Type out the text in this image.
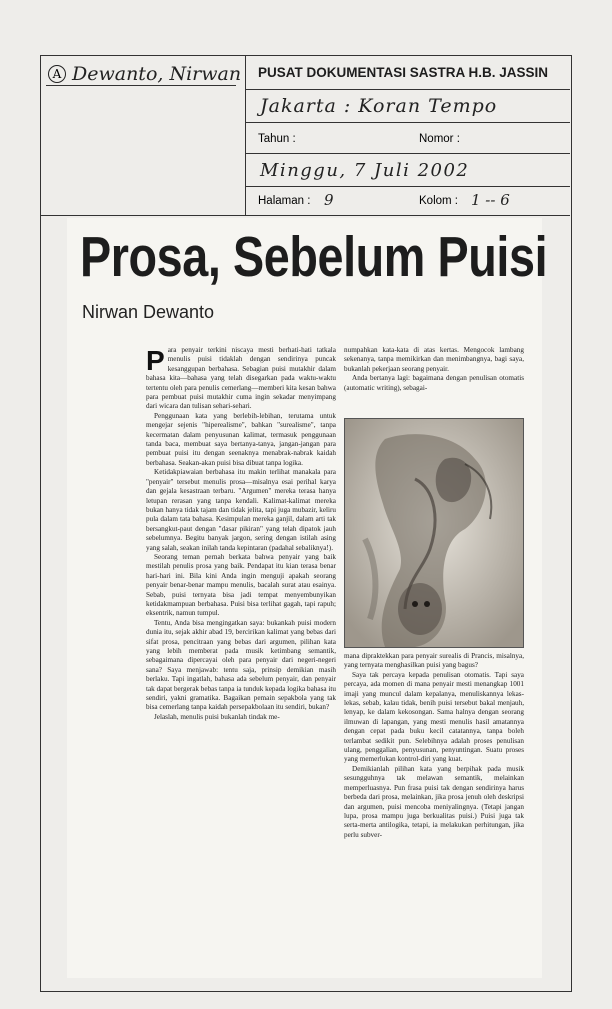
A Dewanto, Nirwan PUSAT DOKUMENTASI SASTRA H.B. JASSIN
Jakarta : Koran Tempo
Tahun :	Nomor :
Minggu, 7 Juli 2002
Halaman : 9	Kolom : 1 -- 6
Prosa, Sebelum Puisi
Nirwan Dewanto
P ara penyair terkini niscaya mesti berhati-hati tatkala menulis puisi tidaklah dengan sendirinya puncak kesanggupan berbahasa. Sebagian puisi mutakhir dalam bahasa kita—bahasa yang telah disegarkan pada waktu-waktu tertentu oleh para penulis cemerlang—memberi kita kesan bahwa para pembuat puisi mutakhir cuma ingin sekadar menyimpang dari wicara dan tulisan sehari-sehari.

Penggunaan kata yang berlebih-lebihan, terutama untuk mengejar sejenis "hiperealisme", bahkan "surealisme", tanpa kecermatan dalam penyusunan kalimat, termasuk penggunaan tanda baca, membuat saya bertanya-tanya, jangan-jangan para pembuat puisi itu dengan seenaknya menabrak-nabrak kaidah berbahasa. Seakan-akan puisi bisa dibuat tanpa logika.

Ketidakpiawaian berbahasa itu makin terlihat manakala para "penyair" tersebut menulis prosa—misalnya esai perihal karya dan gejala kesastraan terbaru. "Argumen" mereka terasa hanya letupan rerasan yang tanpa kendali. Kalimat-kalimat mereka bukan hanya tidak tajam dan tidak jelita, tapi juga mubazir, keliru pula dalam tata bahasa. Kesimpulan mereka ganjil, dalam arti tak bersangkut-paut dengan "dasar pikiran" yang telah dipatok jauh sebelumnya. Begitu banyak jargon, sering dengan istilah asing yang salah, seakan inilah tanda kepintaran (padahal sebaliknya!).

Seorang teman pernah berkata bahwa penyair yang baik mestilah penulis prosa yang baik. Pendapat itu kian terasa benar hari-hari ini. Bila kini Anda ingin menguji apakah seorang penyair benar-benar mampu menulis, bacalah surat atau esainya. Sebab, puisi ternyata bisa jadi tempat menyembunyikan ketidakmampuan berbahasa. Puisi bisa terlihat gagah, tapi rapuh; eksentrik, namun tumpul.

Tentu, Anda bisa mengingatkan saya: bukankah puisi modern dunia itu, sejak akhir abad 19, bercirikan kalimat yang bebas dari sifat prosa, pencitraan yang bebas dari argumen, pilihan kata yang lebih memberat pada musik ketimbang semantik, sebagaimana dipercayai oleh para penyair dari negeri-negeri sana? Saya menjawab: tentu saja, prinsip demikian masih berlaku. Tapi ingatlah, bahasa ada sebelum penyair, dan penyair tak dapat bergerak bebas tanpa ia tunduk kepada logika bahasa itu sendiri, yakni gramatika. Bagaikan pemain sepakbola yang tak bisa cemerlang tanpa kaidah persepakbolaan itu sendiri, bukan?

Jelaslah, menulis puisi bukanlah tindak me-

numpahkan kata-kata di atas kertas. Mengocok lambang sekenanya, tanpa memikirkan dan menimbangnya, bagi saya, bukanlah pekerjaan seorang penyair.

Anda bertanya lagi: bagaimana dengan penulisan otomatis (automatic writing), sebagai-

mana dipraktekkan para penyair surealis di Prancis, misalnya, yang ternyata menghasilkan puisi yang bagus?

Saya tak percaya kepada penulisan otomatis. Tapi saya percaya, ada momen di mana penyair mesti menangkap 1001 imaji yang muncul dalam kepalanya, menuliskannya lekas-lekas, sebab, kalau tidak, benih puisi tersebut bakal menjauh, lenyap, ke dalam kekosongan. Sama halnya dengan seorang ilmuwan di lapangan, yang mesti menulis hasil amatannya dengan cepat pada buku kecil catatannya, tanpa boleh terlambat sedikit pun. Selebihnya adalah proses penulisan ulang, penggalian, penyusunan, penyuntingan. Suatu proses yang memerlukan kontrol-diri yang kuat.

Demikianlah pilihan kata yang berpihak pada musik sesungguhnya tak melawan semantik, melainkan memperluasnya. Pun frasa puisi tak dengan sendirinya harus berbeda dari prosa, melainkan, jika prosa jenuh oleh deskripsi dan argumen, puisi mencoba meniyalingnya. (Tetapi jangan lupa, prosa mampu juga berkualitas puisi.) Puisi juga tak serta-merta antilogika, tetapi, ia melakukan perhitungan, jika perlu subver-
